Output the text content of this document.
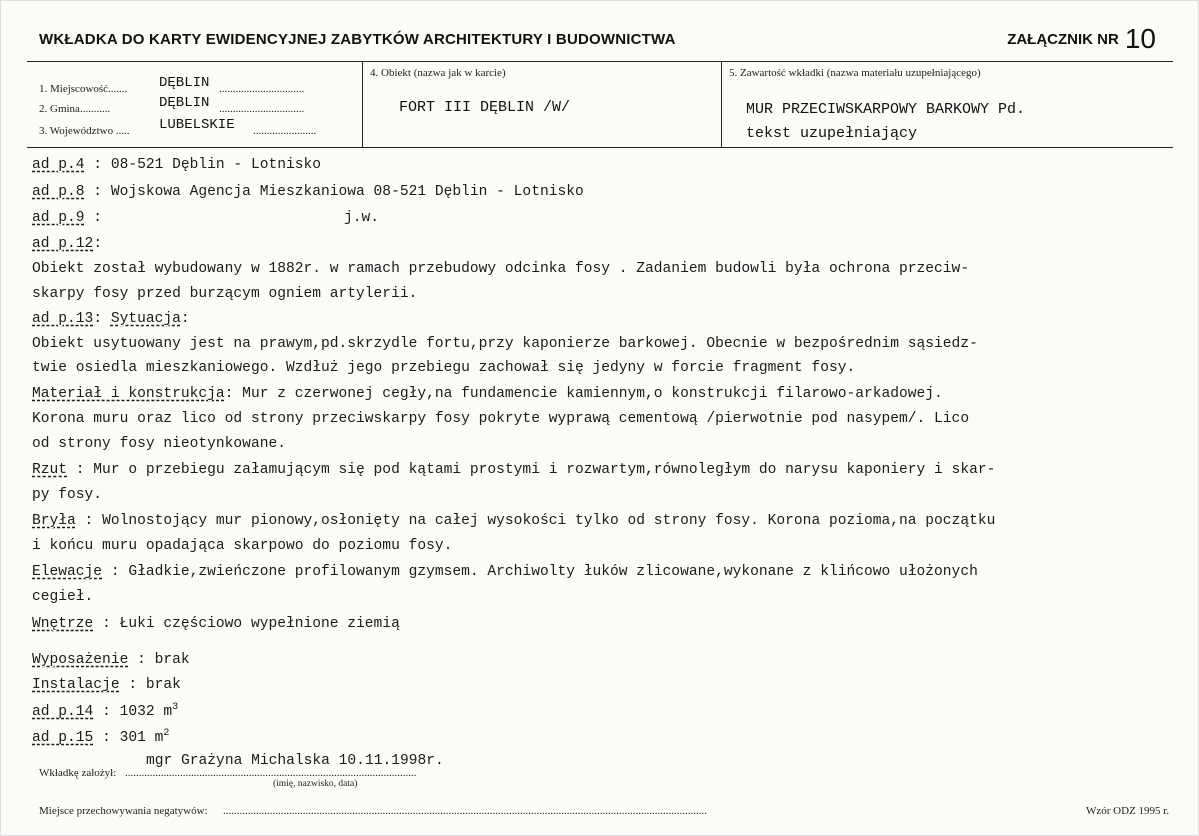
WKŁADKA DO KARTY EWIDENCYJNEJ ZABYTKÓW ARCHITEKTURY I BUDOWNICTWA	ZAŁĄCZNIK NR 10
1. Miejscowość....... DĘBLIN ...............................
2. Gmina...........	DĘBLIN ...............................
3. Województwo ..... LUBELSKIE .......................
4. Obiekt (nazwa jak w karcie)
FORT III DĘBLIN /W/
5. Zawartość wkładki (nazwa materiału uzupełniającego)
MUR PRZECIWSKARPOWY BARKOWY Pd.
tekst uzupełniający
ad p.4 : 08-521 Dęblin - Lotnisko
ad p.8 : Wojskowa Agencja Mieszkaniowa 08-521 Dęblin - Lotnisko
ad p.9 :	j.w.
ad p.12:
Obiekt został wybudowany w 1882r. w ramach przebudowy odcinka fosy . Zadaniem budowli była ochrona przeciw-
skarpy fosy przed burzącym ogniem artylerii.
ad p.13: Sytuacja:
Obiekt usytuowany jest na prawym,pd.skrzydle fortu,przy kaponierze barkowej. Obecnie w bezpośrednim sąsiedz-
twie osiedla mieszkaniowego. Wzdłuż jego przebiegu zachował się jedyny w forcie fragment fosy.
Materiał i konstrukcja: Mur z czerwonej cegły,na fundamencie kamiennym,o konstrukcji filarowo-arkadowej.
Korona muru oraz lico od strony przeciwskarpy fosy pokryte wyprawą cementową /pierwotnie pod nasypem/. Lico
od strony fosy nieotynkowane.
Rzut : Mur o przebiegu załamującym się pod kątami prostymi i rozwartym,równoległym do narysu kaponiery i skar-
py fosy.
Bryła : Wolnostojący mur pionowy,osłonięty na całej wysokości tylko od strony fosy. Korona pozioma,na początku
i końcu muru opadająca skarpowo do poziomu fosy.
Elewacje : Gładkie,zwieńczone profilowanym gzymsem. Archiwolty łuków zlicowane,wykonane z klińcowo ułożonych
cegieł.
Wnętrze : Łuki częściowo wypełnione ziemią
Wyposażenie : brak
Instalacje : brak
ad p.14 : 1032 $m^3$
ad p.15 : 301 $m^2$
Wkładkę założył: ..........................................................................................................
mgr Grażyna Michalska 10.11.1998r.
(imię, nazwisko, data)
Miejsce przechowywania negatywów: ................................................................................................................................................................................	Wzór ODZ 1995 r.
